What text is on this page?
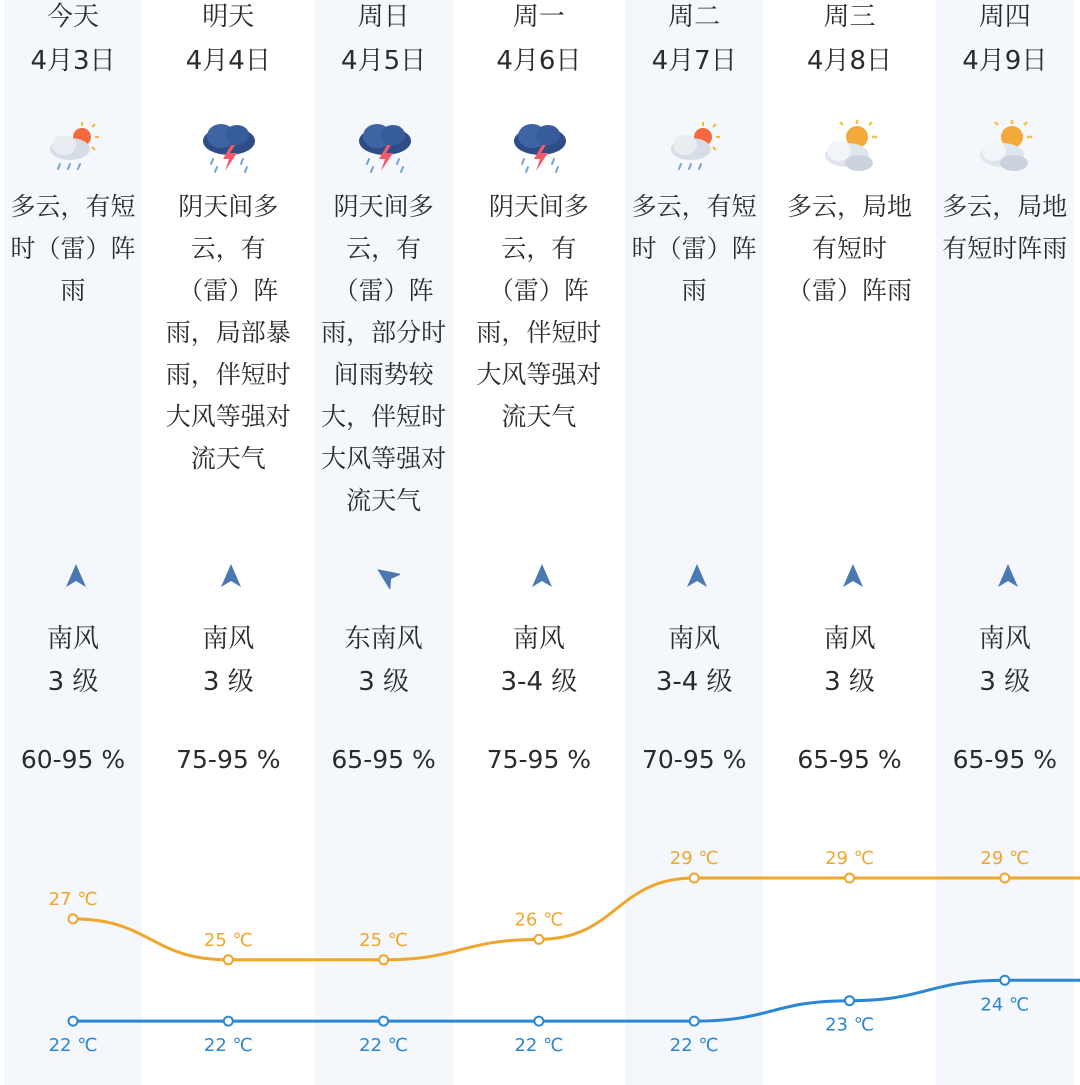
今天
4月3日
多云，有短时（雷）阵雨
南风
3 级
60-95 %
明天
4月4日
阴天间多云，有（雷）阵雨，局部暴雨，伴短时大风等强对流天气
南风
3 级
75-95 %
周日
4月5日
阴天间多云，有（雷）阵雨，部分时间雨势较大，伴短时大风等强对流天气
东南风
3 级
65-95 %
周一
4月6日
阴天间多云，有（雷）阵雨，伴短时大风等强对流天气
南风
3-4 级
75-95 %
周二
4月7日
多云，有短时（雷）阵雨
南风
3-4 级
70-95 %
周三
4月8日
多云，局地有短时（雷）阵雨
南风
3 级
65-95 %
周四
4月9日
多云，局地有短时阵雨
南风
3 级
65-95 %
27 ℃
25 ℃	25 ℃
26 ℃
29 ℃	29 ℃	29 ℃
22 ℃	22 ℃	22 ℃	22 ℃	22 ℃
23 ℃
24 ℃
